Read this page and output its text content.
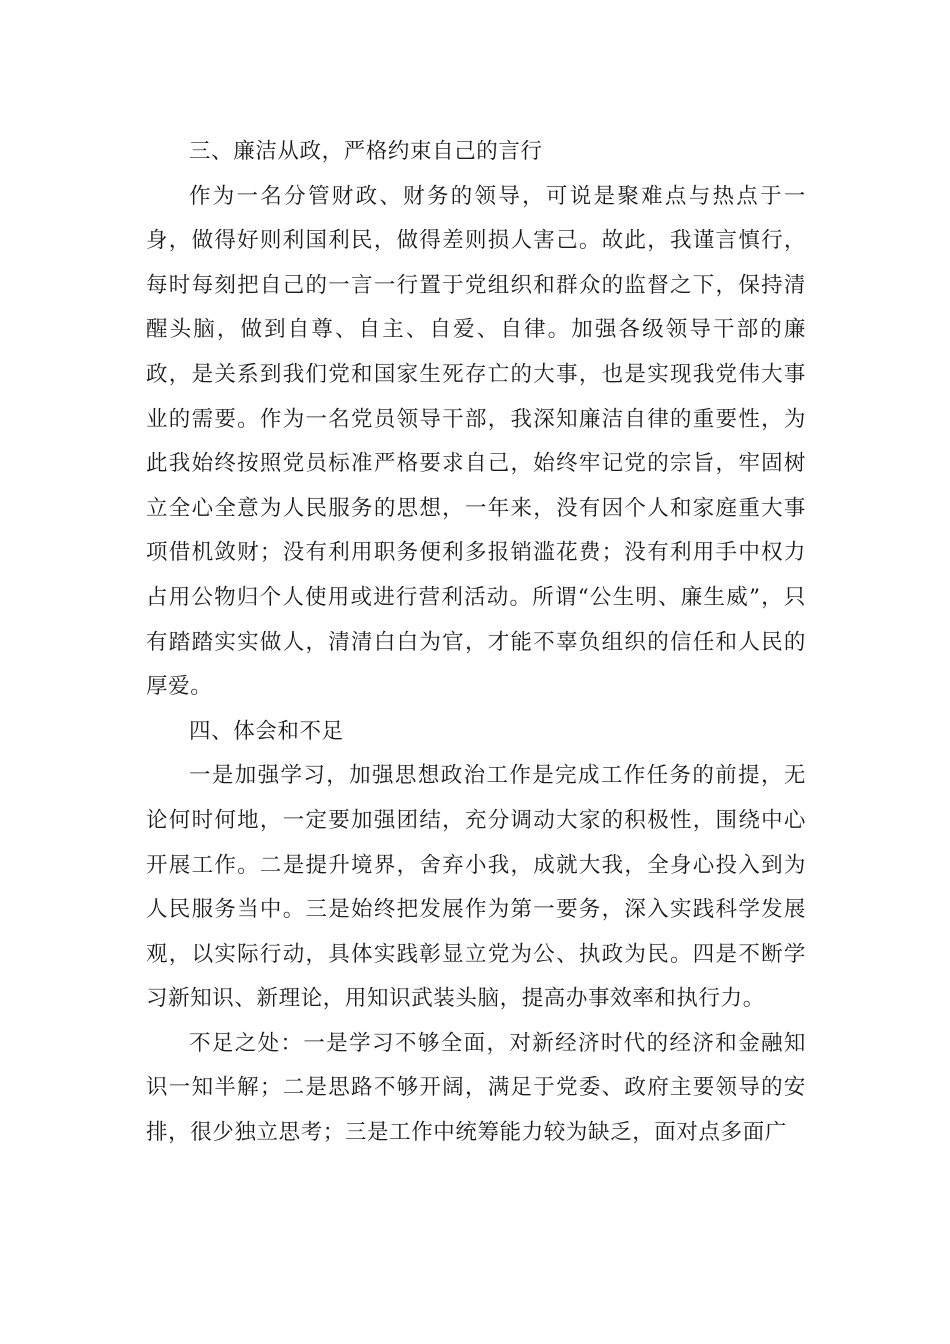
三、廉洁从政，严格约束自己的言行

作为一名分管财政、财务的领导，可说是聚难点与热点于一身，做得好则利国利民，做得差则损人害己。故此，我谨言慎行，每时每刻把自己的一言一行置于党组织和群众的监督之下，保持清醒头脑，做到自尊、自主、自爱、自律。加强各级领导干部的廉政，是关系到我们党和国家生死存亡的大事，也是实现我党伟大事业的需要。作为一名党员领导干部，我深知廉洁自律的重要性，为此我始终按照党员标准严格要求自己，始终牢记党的宗旨，牢固树立全心全意为人民服务的思想，一年来，没有因个人和家庭重大事项借机敛财；没有利用职务便利多报销滥花费；没有利用手中权力占用公物归个人使用或进行营利活动。所谓“公生明、廉生威”，只有踏踏实实做人，清清白白为官，才能不辜负组织的信任和人民的厚爱。

四、体会和不足

一是加强学习，加强思想政治工作是完成工作任务的前提，无论何时何地，一定要加强团结，充分调动大家的积极性，围绕中心开展工作。二是提升境界，舍弃小我，成就大我，全身心投入到为人民服务当中。三是始终把发展作为第一要务，深入实践科学发展观，以实际行动，具体实践彰显立党为公、执政为民。四是不断学习新知识、新理论，用知识武装头脑，提高办事效率和执行力。

不足之处：一是学习不够全面，对新经济时代的经济和金融知识一知半解；二是思路不够开阔，满足于党委、政府主要领导的安排，很少独立思考；三是工作中统筹能力较为缺乏，面对点多面广
